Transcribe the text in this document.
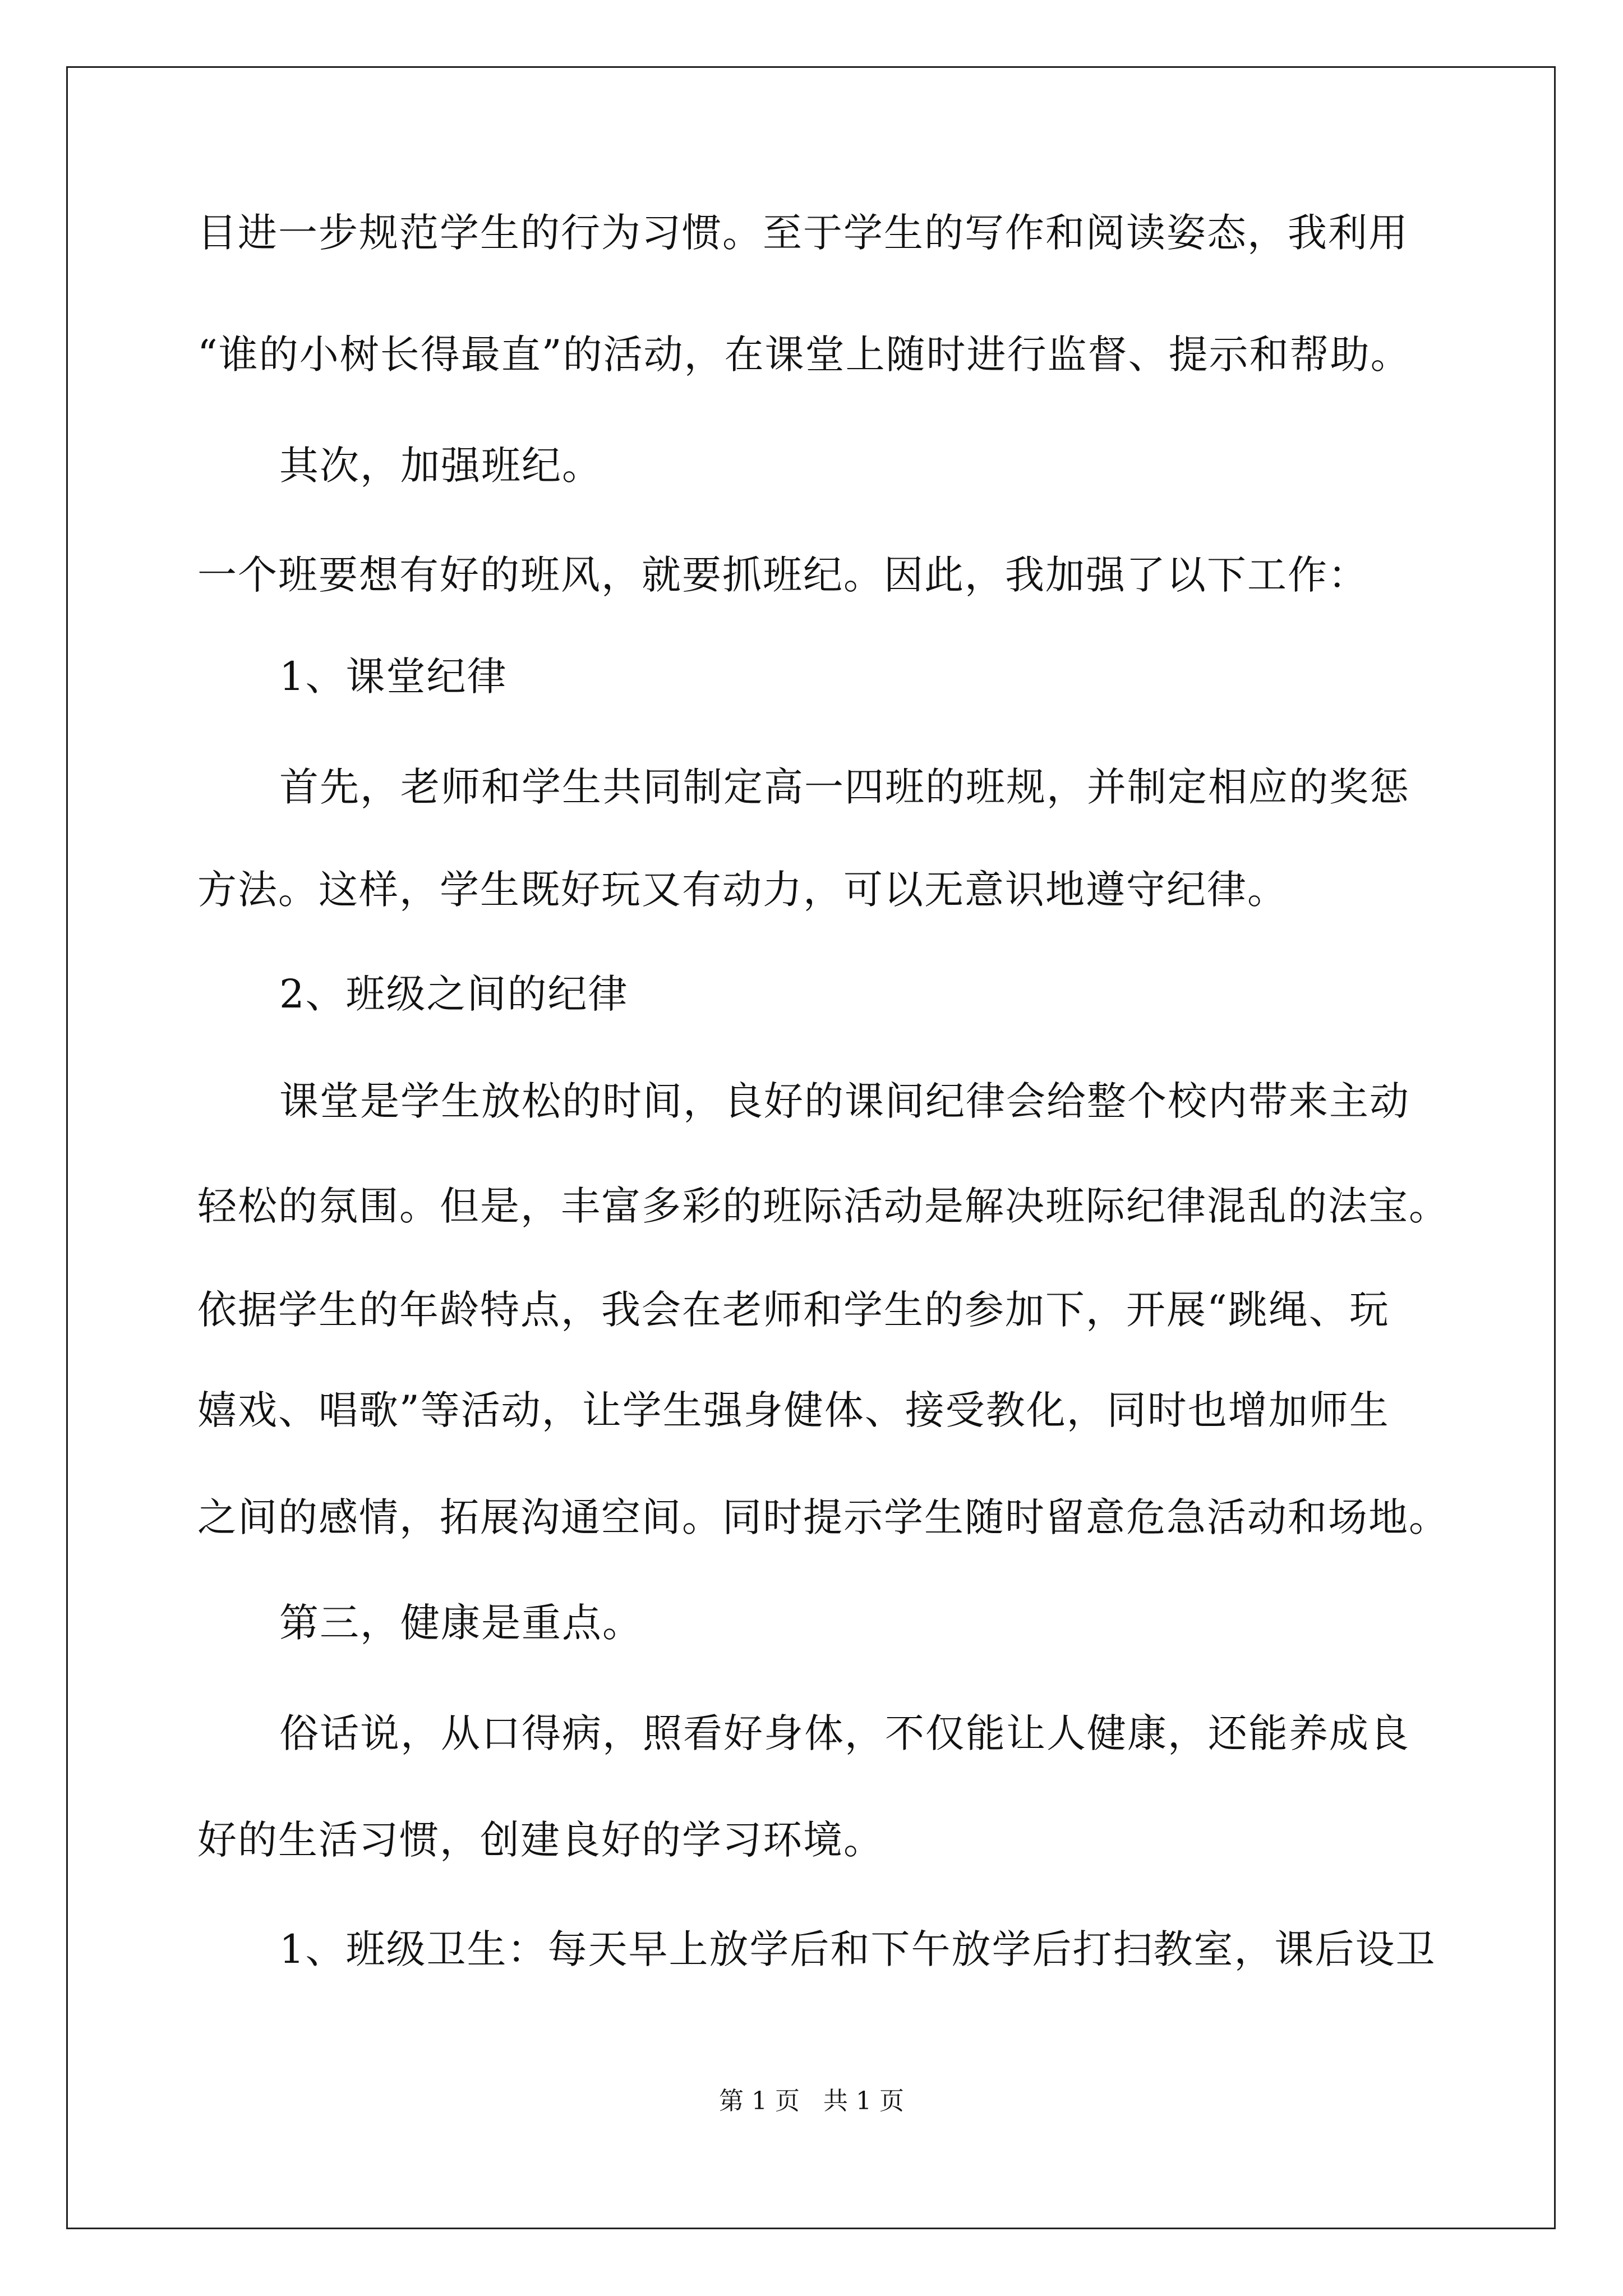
目进一步规范学生的行为习惯。至于学生的写作和阅读姿态，我利用
“谁的小树长得最直”的活动，在课堂上随时进行监督、提示和帮助。
其次，加强班纪。
一个班要想有好的班风，就要抓班纪。因此，我加强了以下工作：
1、课堂纪律
首先，老师和学生共同制定高一四班的班规，并制定相应的奖惩
方法。这样，学生既好玩又有动力，可以无意识地遵守纪律。
2、班级之间的纪律
课堂是学生放松的时间，良好的课间纪律会给整个校内带来主动
轻松的氛围。但是，丰富多彩的班际活动是解决班际纪律混乱的法宝。
依据学生的年龄特点，我会在老师和学生的参加下，开展“跳绳、玩
嬉戏、唱歌”等活动，让学生强身健体、接受教化，同时也增加师生
之间的感情，拓展沟通空间。同时提示学生随时留意危急活动和场地。
第三，健康是重点。
俗话说，从口得病，照看好身体，不仅能让人健康，还能养成良
好的生活习惯，创建良好的学习环境。
1、班级卫生：每天早上放学后和下午放学后打扫教室，课后设卫
第 1 页   共 1 页
